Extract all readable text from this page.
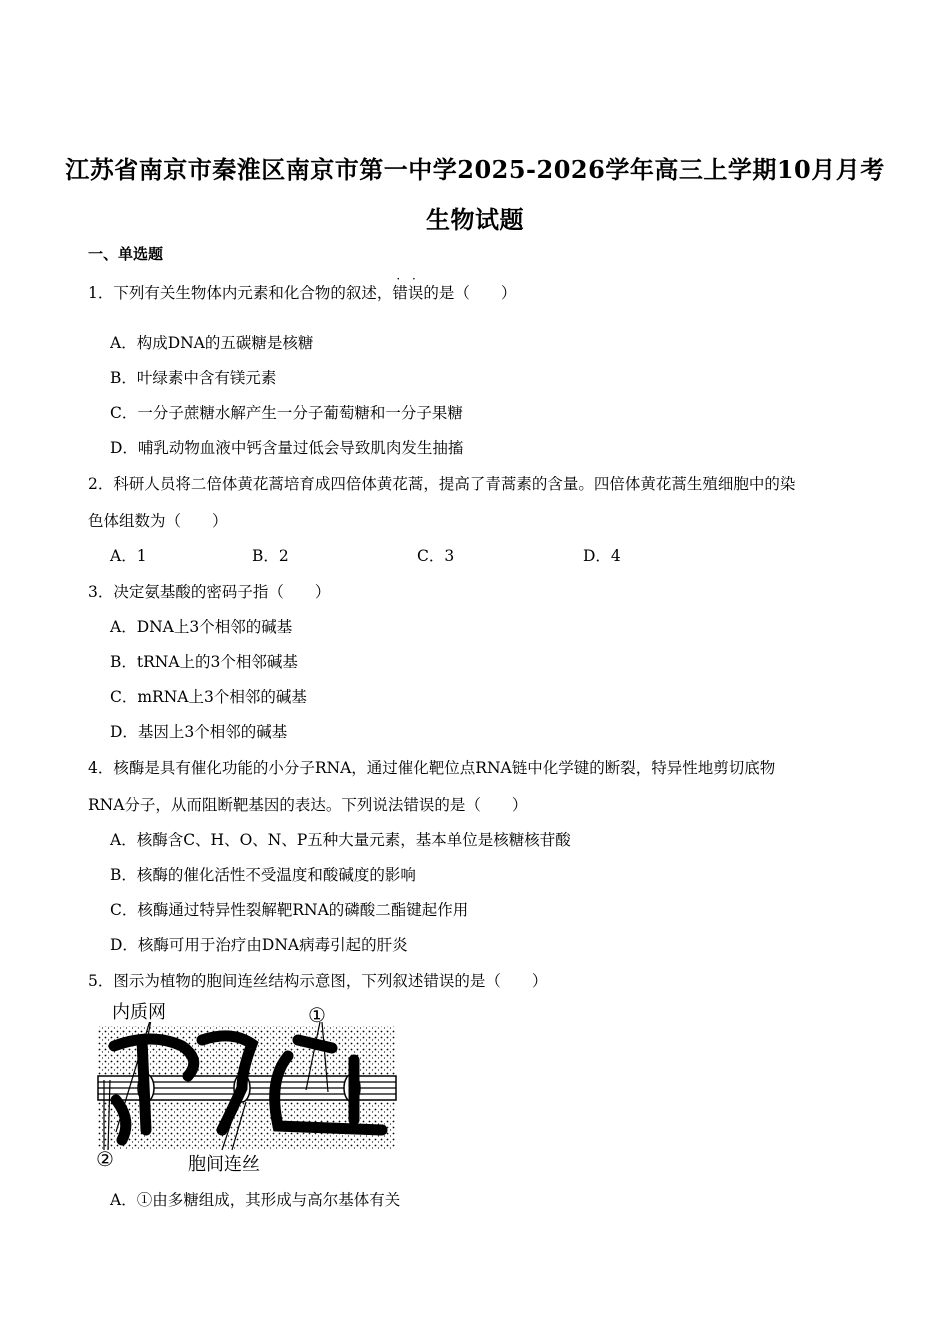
江苏省南京市秦淮区南京市第一中学2025-2026学年高三上学期10月月考
生物试题
一、单选题
1．下列有关生物体内元素和化合物的叙述，错误 · ·的是（　　）
A．构成DNA的五碳糖是核糖
B．叶绿素中含有镁元素
C．一分子蔗糖水解产生一分子葡萄糖和一分子果糖
D．哺乳动物血液中钙含量过低会导致肌肉发生抽搐
2．科研人员将二倍体黄花蒿培育成四倍体黄花蒿，提高了青蒿素的含量。四倍体黄花蒿生殖细胞中的染
色体组数为（　　）
A．1	B．2	C．3	D．4
3．决定氨基酸的密码子指（　　）
A．DNA上3个相邻的碱基
B．tRNA上的3个相邻碱基
C．mRNA上3个相邻的碱基
D．基因上3个相邻的碱基
4．核酶是具有催化功能的小分子RNA，通过催化靶位点RNA链中化学键的断裂，特异性地剪切底物
RNA分子，从而阻断靶基因的表达。下列说法错误的是（　　）
A．核酶含C、H、O、N、P五种大量元素，基本单位是核糖核苷酸
B．核酶的催化活性不受温度和酸碱度的影响
C．核酶通过特异性裂解靶RNA的磷酸二酯键起作用
D．核酶可用于治疗由DNA病毒引起的肝炎
5．图示为植物的胞间连丝结构示意图，下列叙述错误的是（　　）
内质网	①
②	胞间连丝
A．①由多糖组成，其形成与高尔基体有关
